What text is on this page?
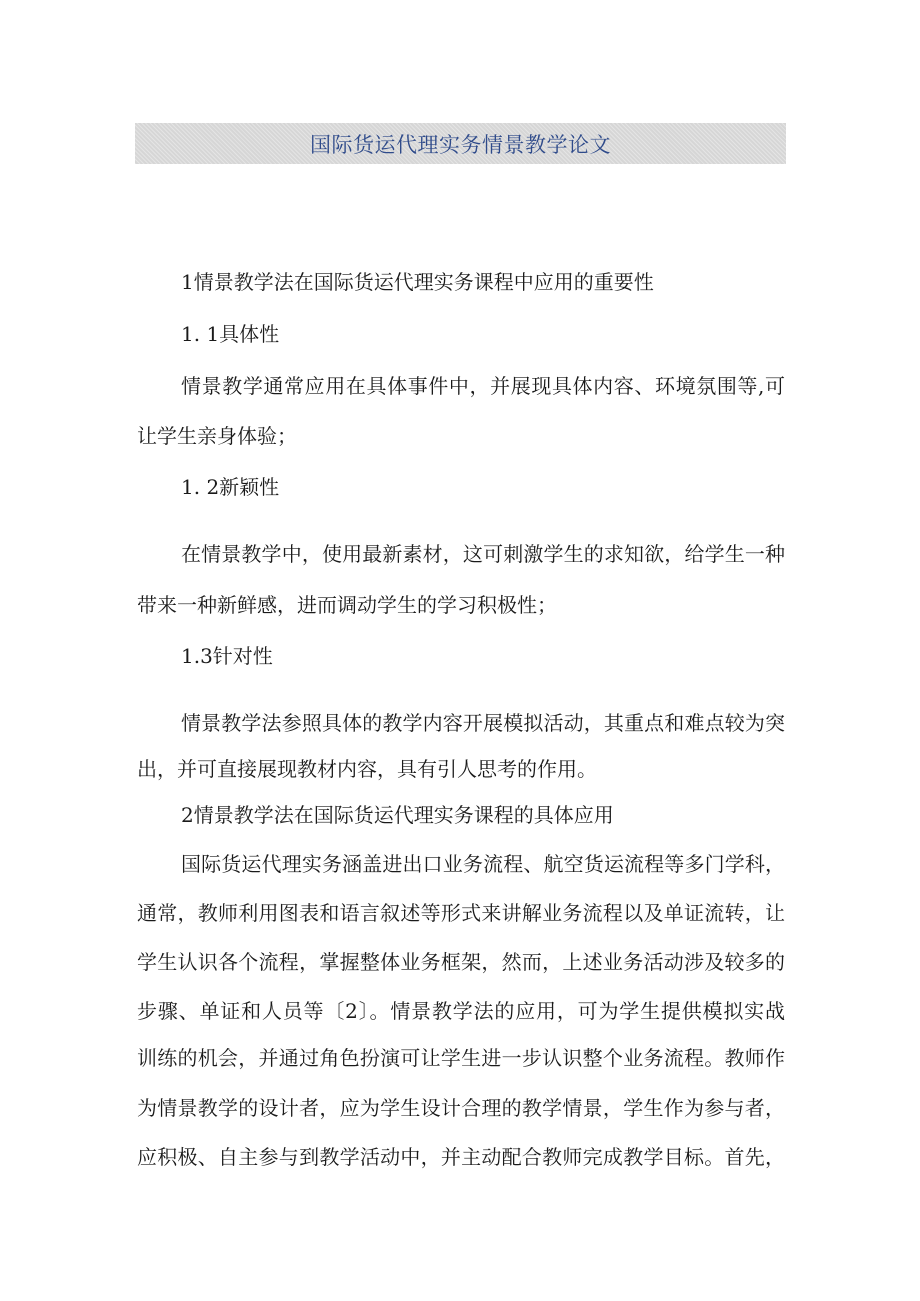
国际货运代理实务情景教学论文
1情景教学法在国际货运代理实务课程中应用的重要性
1. 1具体性
情景教学通常应用在具体事件中，并展现具体内容、环境氛围等,可
让学生亲身体验；
1. 2新颖性
在情景教学中，使用最新素材，这可刺激学生的求知欲，给学生一种
带来一种新鲜感，进而调动学生的学习积极性；
1.3针对性
情景教学法参照具体的教学内容开展模拟活动，其重点和难点较为突
出，并可直接展现教材内容，具有引人思考的作用。
2情景教学法在国际货运代理实务课程的具体应用
国际货运代理实务涵盖进出口业务流程、航空货运流程等多门学科，
通常，教师利用图表和语言叙述等形式来讲解业务流程以及单证流转，让
学生认识各个流程，掌握整体业务框架，然而，上述业务活动涉及较多的
步骤、单证和人员等〔2〕。情景教学法的应用，可为学生提供模拟实战
训练的机会，并通过角色扮演可让学生进一步认识整个业务流程。教师作
为情景教学的设计者，应为学生设计合理的教学情景，学生作为参与者，
应积极、自主参与到教学活动中，并主动配合教师完成教学目标。首先，
